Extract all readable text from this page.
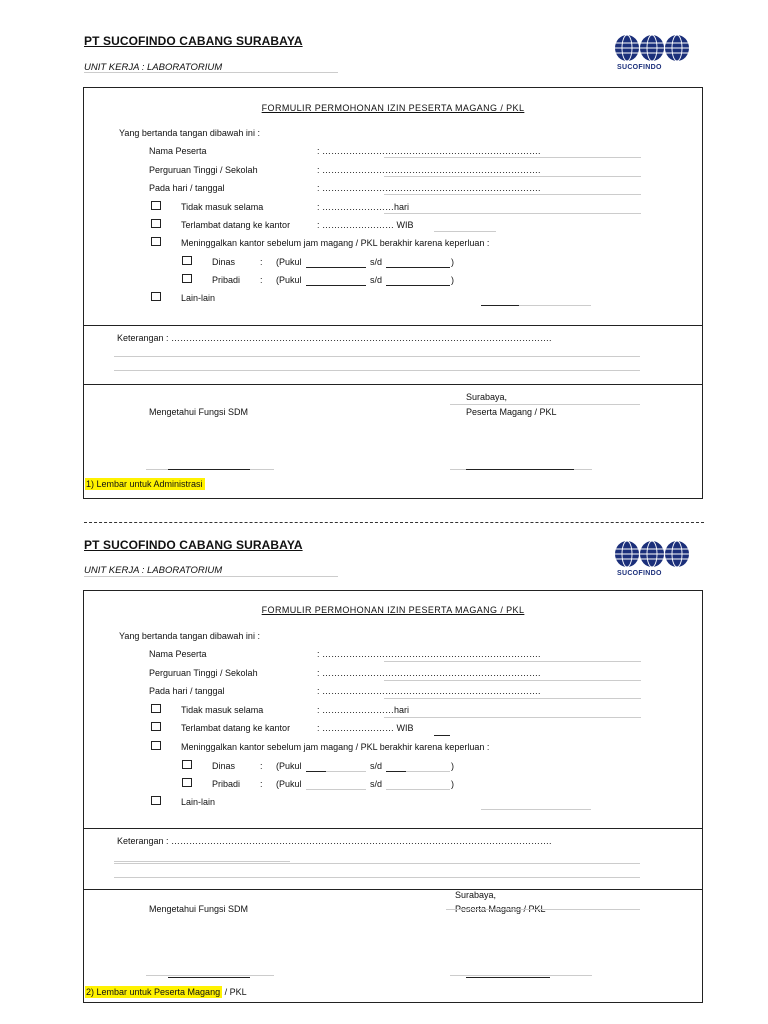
PT SUCOFINDO CABANG SURABAYA
UNIT KERJA : LABORATORIUM	SUCOFINDO
FORMULIR PERMOHONAN IZIN PESERTA MAGANG / PKL
Yang bertanda tangan dibawah ini :
Nama Peserta	: ……………………………………………………………….
Perguruan Tinggi / Sekolah	: ……………………………………………………………….
Pada hari / tanggal	: ……………………………………………………………….
Tidak masuk selama	: ……………………hari
Terlambat datang ke kantor	: …………………… WIB
Meninggalkan kantor sebelum jam magang / PKL berakhir karena keperluan :
Dinas	: (Pukul	s/d	)
Pribadi : (Pukul	s/d	)
Lain-lain
Keterangan : ……………………………………………………………………………………………………………….
Surabaya,
Mengetahui Fungsi SDM	Peserta Magang / PKL
1) Lembar untuk Administrasi
PT SUCOFINDO CABANG SURABAYA
UNIT KERJA : LABORATORIUM	SUCOFINDO
FORMULIR PERMOHONAN IZIN PESERTA MAGANG / PKL
Yang bertanda tangan dibawah ini :
Nama Peserta	: ……………………………………………………………….
Perguruan Tinggi / Sekolah	: ……………………………………………………………….
Pada hari / tanggal	: ……………………………………………………………….
Tidak masuk selama	: ……………………hari
Terlambat datang ke kantor	: …………………… WIB
Meninggalkan kantor sebelum jam magang / PKL berakhir karena keperluan :
Dinas	: (Pukul	s/d	)
Pribadi : (Pukul	s/d	)
Lain-lain
Keterangan : ……………………………………………………………………………………………………………….
Surabaya,
Mengetahui Fungsi SDM	Peserta Magang / PKL
2) Lembar untuk Peserta Magang / PKL
